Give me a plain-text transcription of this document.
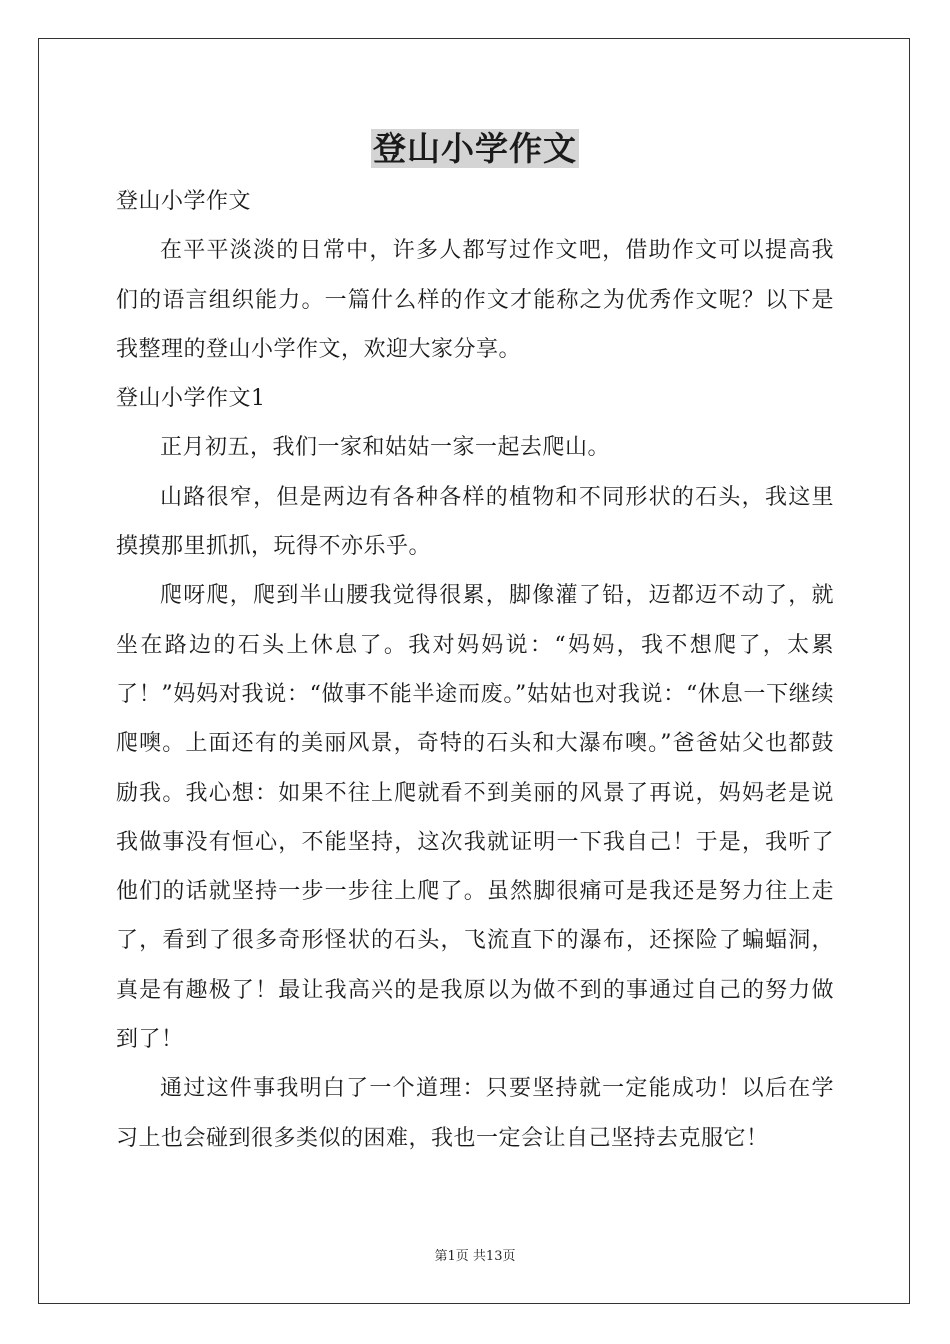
登山小学作文

登山小学作文

在平平淡淡的日常中，许多人都写过作文吧，借助作文可以提高我们的语言组织能力。一篇什么样的作文才能称之为优秀作文呢？以下是我整理的登山小学作文，欢迎大家分享。

登山小学作文1

正月初五，我们一家和姑姑一家一起去爬山。

山路很窄，但是两边有各种各样的植物和不同形状的石头，我这里摸摸那里抓抓，玩得不亦乐乎。

爬呀爬，爬到半山腰我觉得很累，脚像灌了铅，迈都迈不动了，就坐在路边的石头上休息了。我对妈妈说：“妈妈，我不想爬了，太累了！”妈妈对我说：“做事不能半途而废。”姑姑也对我说：“休息一下继续爬噢。上面还有的美丽风景，奇特的石头和大瀑布噢。”爸爸姑父也都鼓励我。我心想：如果不往上爬就看不到美丽的风景了再说，妈妈老是说我做事没有恒心，不能坚持，这次我就证明一下我自己！于是，我听了他们的话就坚持一步一步往上爬了。虽然脚很痛可是我还是努力往上走了，看到了很多奇形怪状的石头，飞流直下的瀑布，还探险了蝙蝠洞，真是有趣极了！最让我高兴的是我原以为做不到的事通过自己的努力做到了！

通过这件事我明白了一个道理：只要坚持就一定能成功！以后在学习上也会碰到很多类似的困难，我也一定会让自己坚持去克服它！

第1页 共13页
